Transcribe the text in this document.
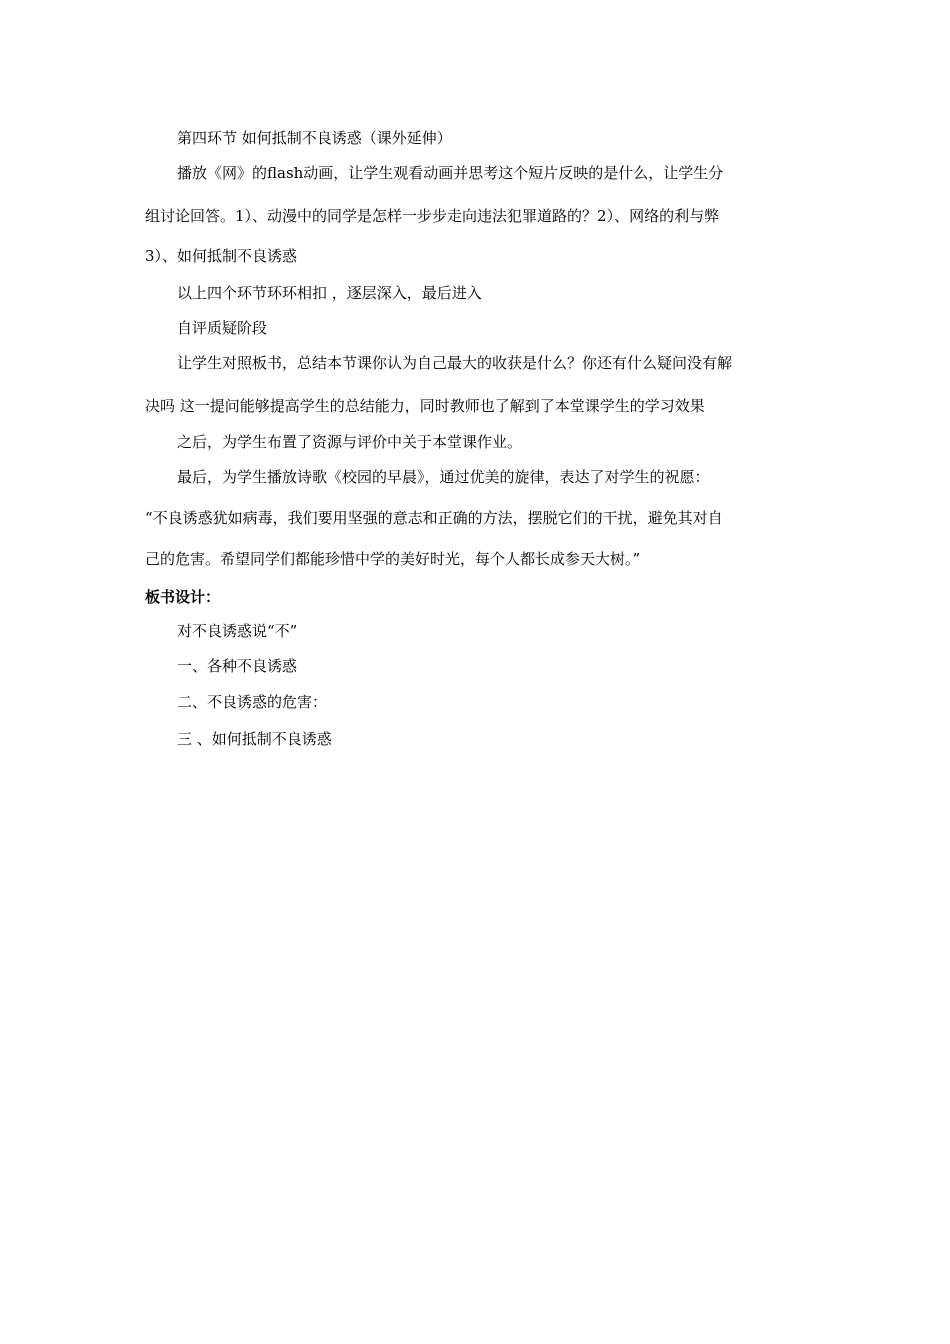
第四环节 如何抵制不良诱惑（课外延伸）
播放《网》的flash动画，让学生观看动画并思考这个短片反映的是什么，让学生分
组讨论回答。1）、动漫中的同学是怎样一步步走向违法犯罪道路的？2）、网络的利与弊
3）、如何抵制不良诱惑
以上四个环节环环相扣 ，逐层深入，最后进入
自评质疑阶段
让学生对照板书，总结本节课你认为自己最大的收获是什么？你还有什么疑问没有解
决吗 这一提问能够提高学生的总结能力，同时教师也了解到了本堂课学生的学习效果
之后，为学生布置了资源与评价中关于本堂课作业。
最后，为学生播放诗歌《校园的早晨》，通过优美的旋律，表达了对学生的祝愿：
“不良诱惑犹如病毒，我们要用坚强的意志和正确的方法，摆脱它们的干扰，避免其对自
己的危害。希望同学们都能珍惜中学的美好时光，每个人都长成参天大树。”
板书设计：
对不良诱惑说“不”
一、各种不良诱惑
二、不良诱惑的危害：
三 、如何抵制不良诱惑
